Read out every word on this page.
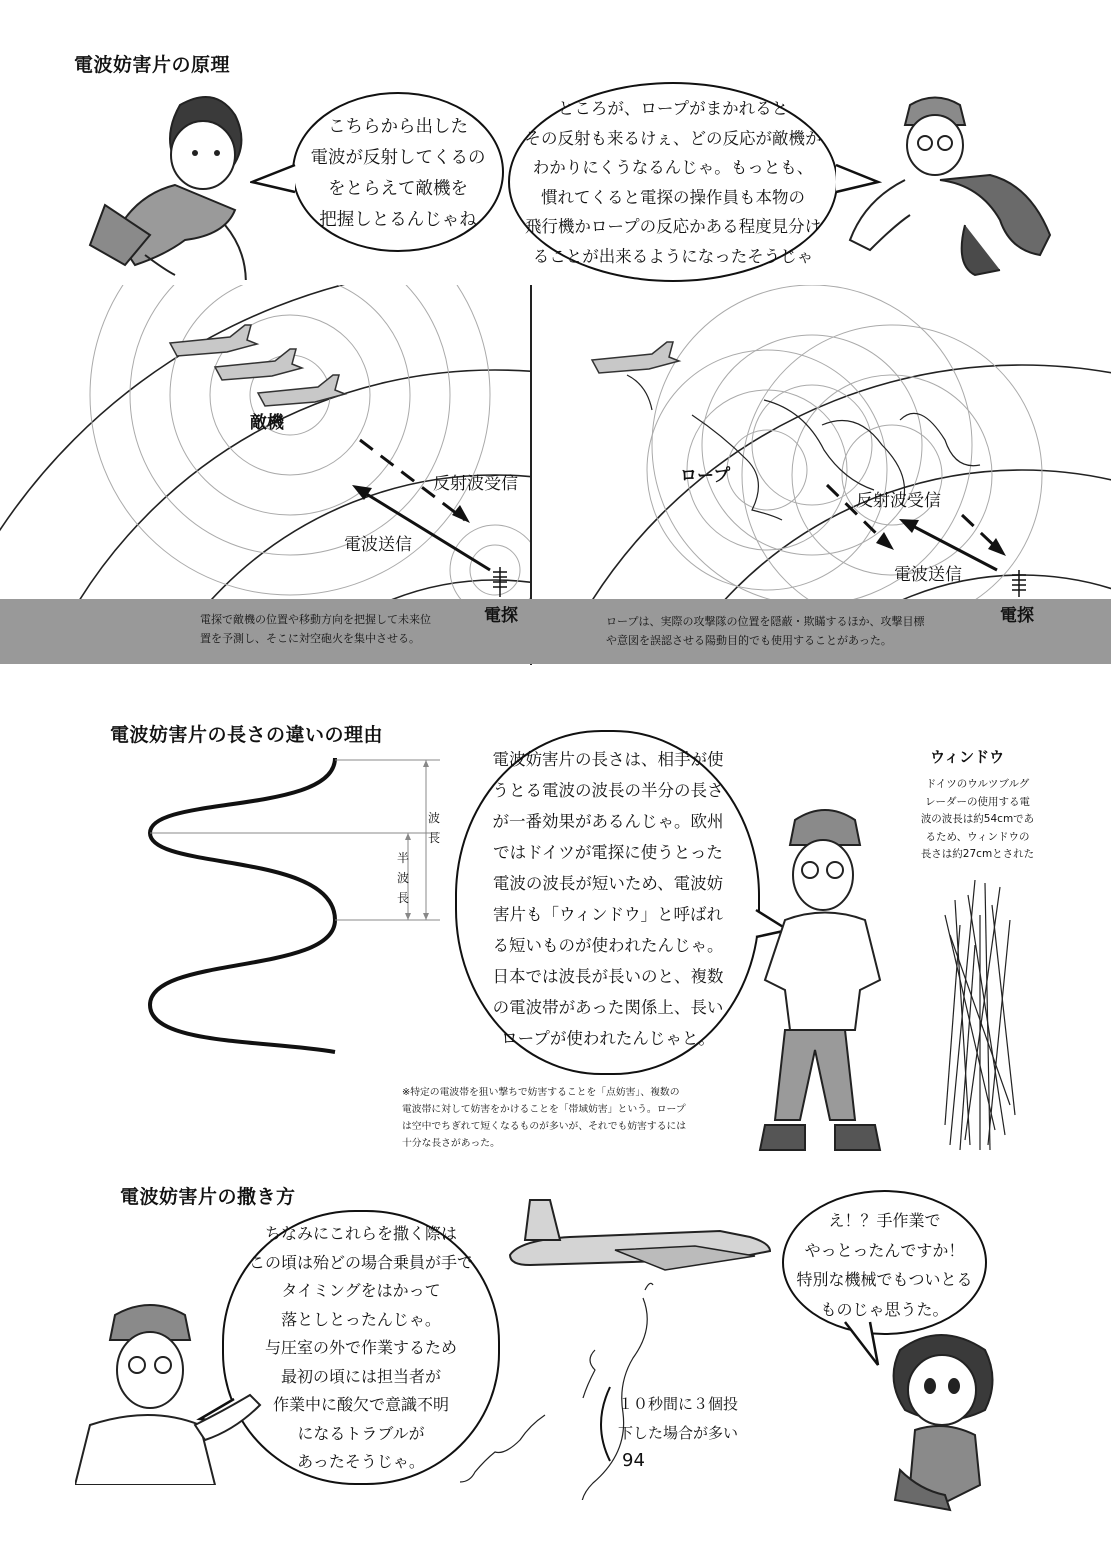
電波妨害片の原理
こちらから出した
電波が反射してくるの
をとらえて敵機を
把握しとるんじゃね
ところが、ロープがまかれると
その反射も来るけぇ、どの反応が敵機か
わかりにくうなるんじゃ。もっとも、
慣れてくると電探の操作員も本物の
飛行機かロープの反応かある程度見分け
ることが出来るようになったそうじゃ
敵機
反射波受信
電波送信
ロープ
反射波受信
電波送信
電探	電探
電探で敵機の位置や移動方向を把握して未来位
置を予測し、そこに対空砲火を集中させる。
ロープは、実際の攻撃隊の位置を隠蔽・欺瞞するほか、攻撃目標
や意図を誤認させる陽動目的でも使用することがあった。
電波妨害片の長さの違いの理由
波長
半波長
電波妨害片の長さは、相手が使
うとる電波の波長の半分の長さ
が一番効果があるんじゃ。欧州
ではドイツが電探に使うとった
電波の波長が短いため、電波妨
害片も「ウィンドウ」と呼ばれ
る短いものが使われたんじゃ。
日本では波長が長いのと、複数
の電波帯があった関係上、長い
ロープが使われたんじゃと。
ウィンドウ
ドイツのウルツブルグ
レーダーの使用する電
波の波長は約54cmであ
るため、ウィンドウの
長さは約27cmとされた
※特定の電波帯を狙い撃ちで妨害することを「点妨害」、複数の
電波帯に対して妨害をかけることを「帯域妨害」という。ロープ
は空中でちぎれて短くなるものが多いが、それでも妨害するには
十分な長さがあった。
電波妨害片の撒き方
ちなみにこれらを撒く際は
この頃は殆どの場合乗員が手で
タイミングをはかって
落としとったんじゃ。
与圧室の外で作業するため
最初の頃には担当者が
作業中に酸欠で意識不明
になるトラブルが
あったそうじゃ。
１０秒間に３個投
下した場合が多い
え！？手作業で
やっとったんですか！
特別な機械でもついとる
ものじゃ思うた。
94
